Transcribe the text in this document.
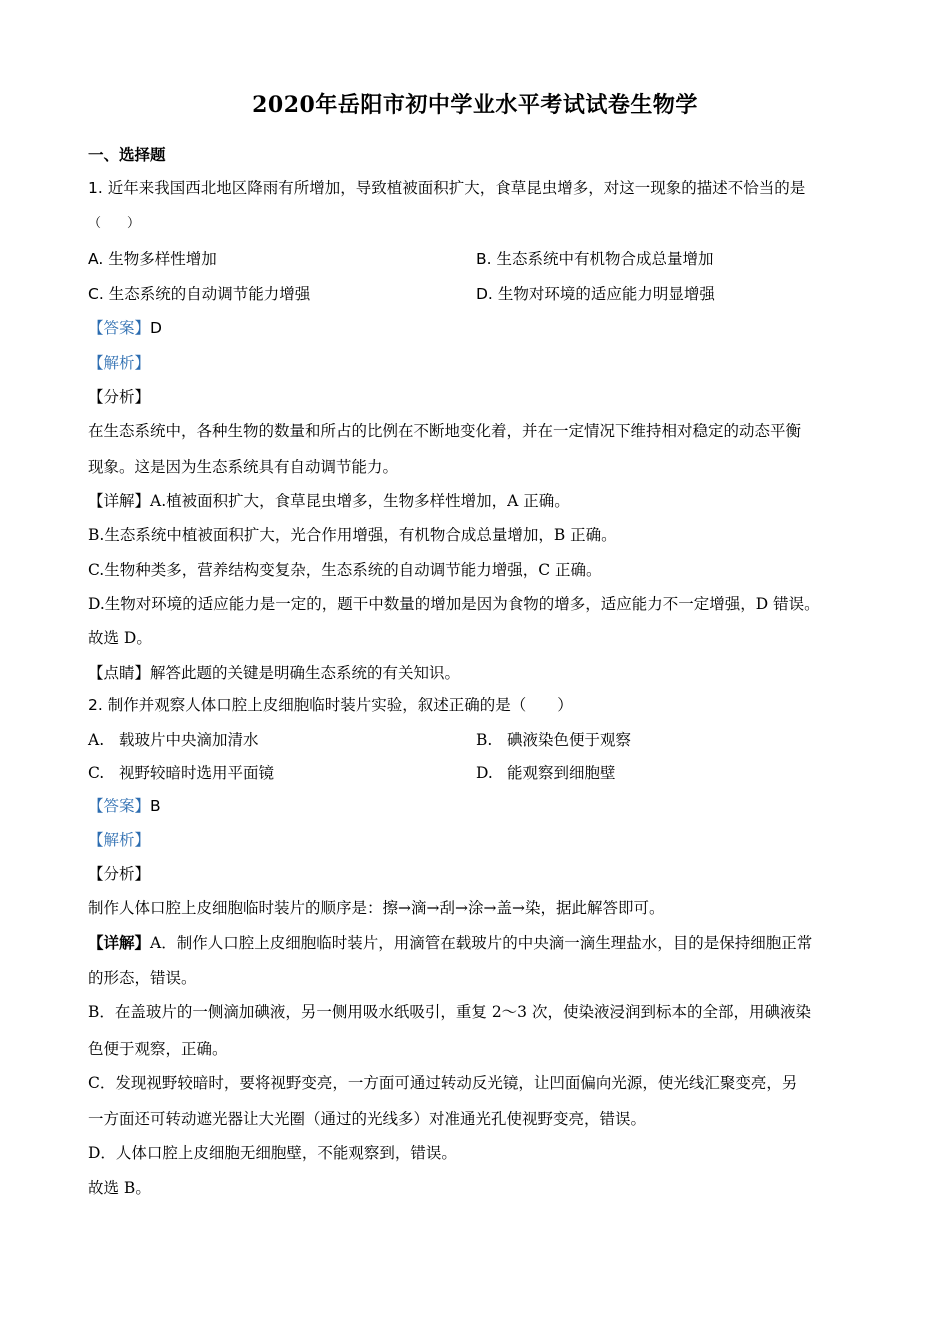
2020年岳阳市初中学业水平考试试卷生物学
一、选择题
1. 近年来我国西北地区降雨有所增加，导致植被面积扩大，食草昆虫增多，对这一现象的描述不恰当的是
（　　）
A. 生物多样性增加	B. 生态系统中有机物合成总量增加
C. 生态系统的自动调节能力增强	D. 生物对环境的适应能力明显增强
【答案】D
【解析】
【分析】
在生态系统中，各种生物的数量和所占的比例在不断地变化着，并在一定情况下维持相对稳定的动态平衡
现象。这是因为生态系统具有自动调节能力。
【详解】A.植被面积扩大，食草昆虫增多，生物多样性增加，A 正确。
B.生态系统中植被面积扩大，光合作用增强，有机物合成总量增加，B 正确。
C.生物种类多，营养结构变复杂，生态系统的自动调节能力增强，C 正确。
D.生物对环境的适应能力是一定的，题干中数量的增加是因为食物的增多，适应能力不一定增强，D 错误。
故选 D。
【点睛】解答此题的关键是明确生态系统的有关知识。
2. 制作并观察人体口腔上皮细胞临时装片实验，叙述正确的是（　　）
A. 载玻片中央滴加清水	B. 碘液染色便于观察
C. 视野较暗时选用平面镜	D. 能观察到细胞壁
【答案】B
【解析】
【分析】
制作人体口腔上皮细胞临时装片的顺序是：擦→滴→刮→涂→盖→染，据此解答即可。
【详解】A．制作人口腔上皮细胞临时装片，用滴管在载玻片的中央滴一滴生理盐水，目的是保持细胞正常
的形态，错误。
B．在盖玻片的一侧滴加碘液，另一侧用吸水纸吸引，重复 2～3 次，使染液浸润到标本的全部，用碘液染
色便于观察，正确。
C．发现视野较暗时，要将视野变亮，一方面可通过转动反光镜，让凹面偏向光源，使光线汇聚变亮，另
一方面还可转动遮光器让大光圈（通过的光线多）对准通光孔使视野变亮，错误。
D．人体口腔上皮细胞无细胞壁，不能观察到，错误。
故选 B。
